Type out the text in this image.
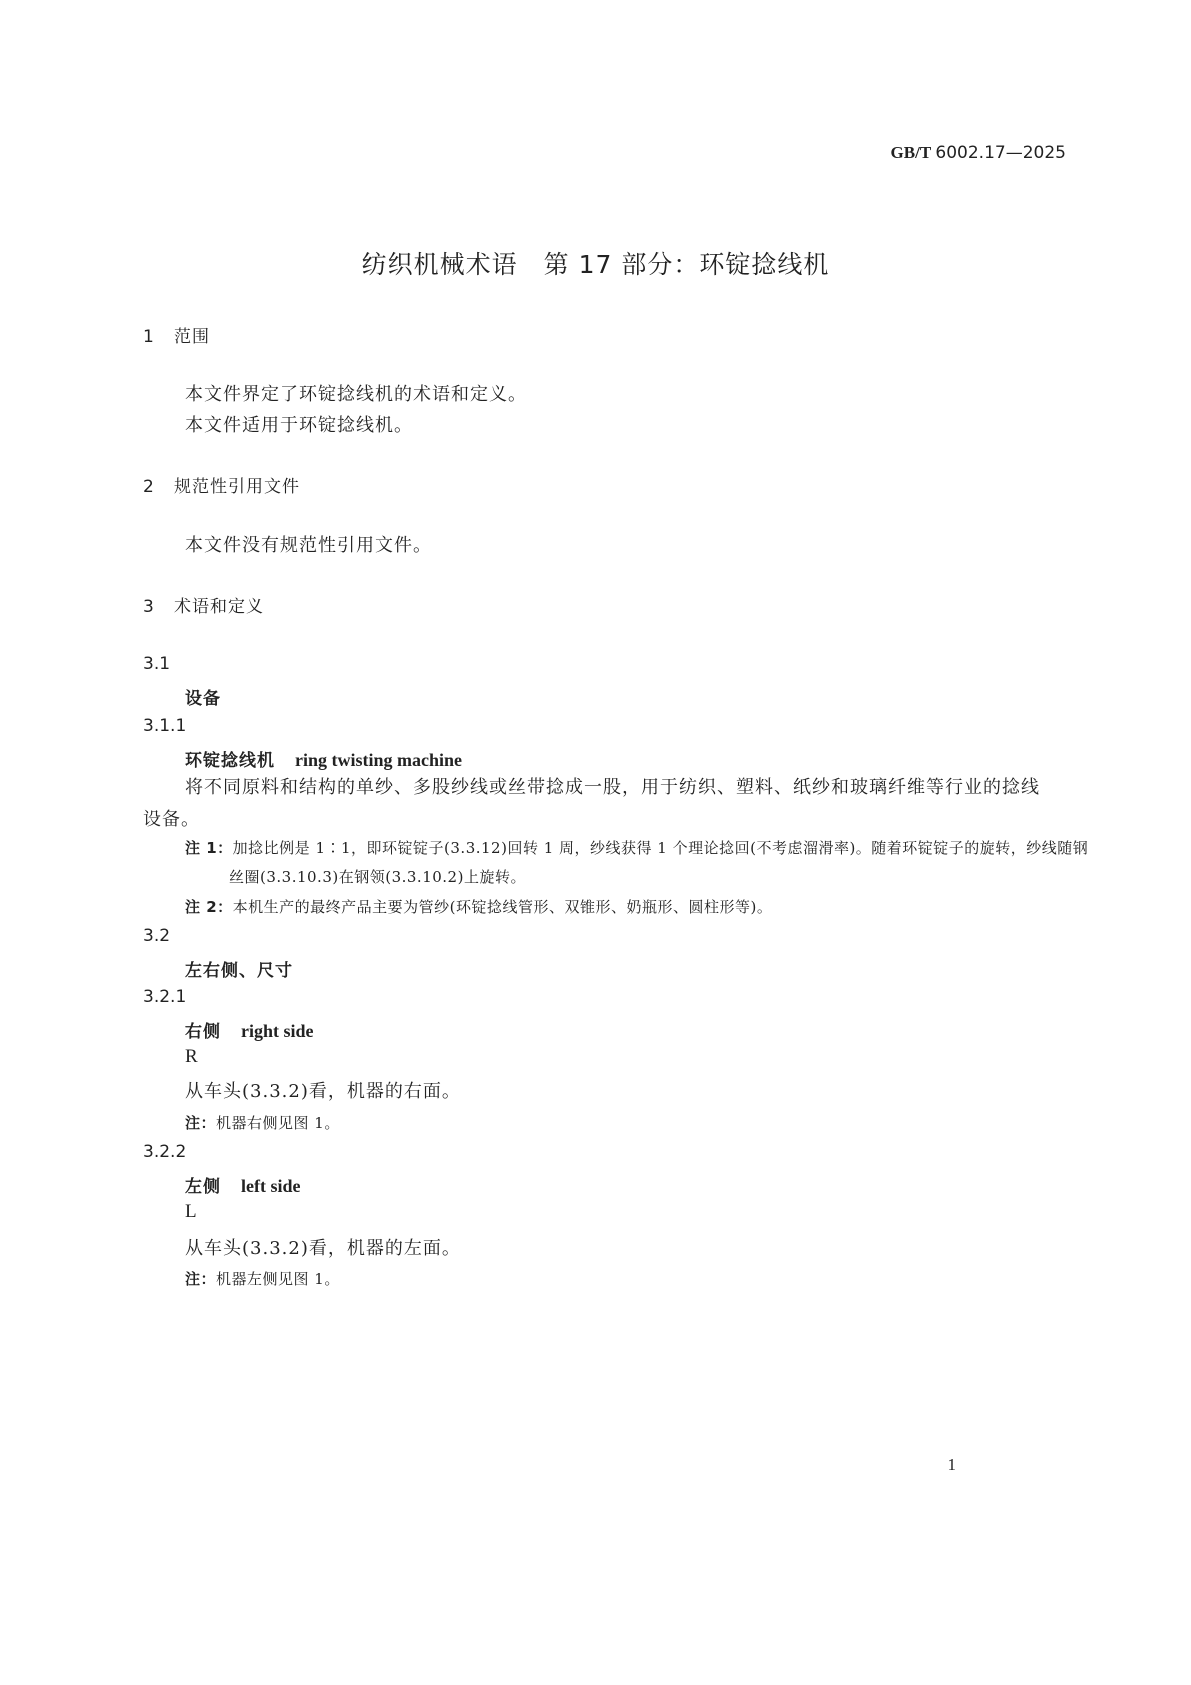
GB/T 6002.17—2025
纺织机械术语　第 17 部分：环锭捻线机
1 范围

本文件界定了环锭捻线机的术语和定义。

本文件适用于环锭捻线机。

2 规范性引用文件

本文件没有规范性引用文件。

3 术语和定义
3.1
设备
3.1.1
环锭捻线机 ring twisting machine

将不同原料和结构的单纱、多股纱线或丝带捻成一股，用于纺织、塑料、纸纱和玻璃纤维等行业的捻线设备。

注 1：加捻比例是 1∶1，即环锭锭子(3.3.12)回转 1 周，纱线获得 1 个理论捻回(不考虑溜滑率)。随着环锭锭子的旋转，纱线随钢丝圈(3.3.10.3)在钢领(3.3.10.2)上旋转。
注 2：本机生产的最终产品主要为管纱(环锭捻线管形、双锥形、奶瓶形、圆柱形等)。
3.2
左右侧、尺寸
3.2.1
右侧 right side
R

从车头(3.3.2)看，机器的右面。

注：机器右侧见图 1。
3.2.2
左侧 left side
L

从车头(3.3.2)看，机器的左面。

注：机器左侧见图 1。
1
